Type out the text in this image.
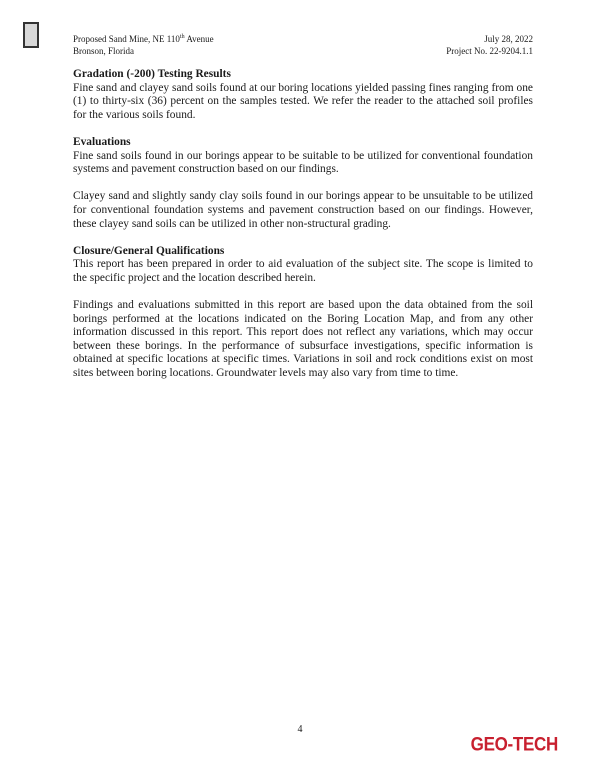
Proposed Sand Mine, NE 110th Avenue
Bronson, Florida
July 28, 2022
Project No. 22-9204.1.1

Gradation (-200) Testing Results

Fine sand and clayey sand soils found at our boring locations yielded passing fines ranging from one (1) to thirty-six (36) percent on the samples tested. We refer the reader to the attached soil profiles for the various soils found.

Evaluations

Fine sand soils found in our borings appear to be suitable to be utilized for conventional foundation systems and pavement construction based on our findings.

Clayey sand and slightly sandy clay soils found in our borings appear to be unsuitable to be utilized for conventional foundation systems and pavement construction based on our findings. However, these clayey sand soils can be utilized in other non-structural grading.

Closure/General Qualifications

This report has been prepared in order to aid evaluation of the subject site. The scope is limited to the specific project and the location described herein.

Findings and evaluations submitted in this report are based upon the data obtained from the soil borings performed at the locations indicated on the Boring Location Map, and from any other information discussed in this report. This report does not reflect any variations, which may occur between these borings. In the performance of subsurface investigations, specific information is obtained at specific locations at specific times. Variations in soil and rock conditions exist on most sites between boring locations. Groundwater levels may also vary from time to time.

4
GEO-TECH
